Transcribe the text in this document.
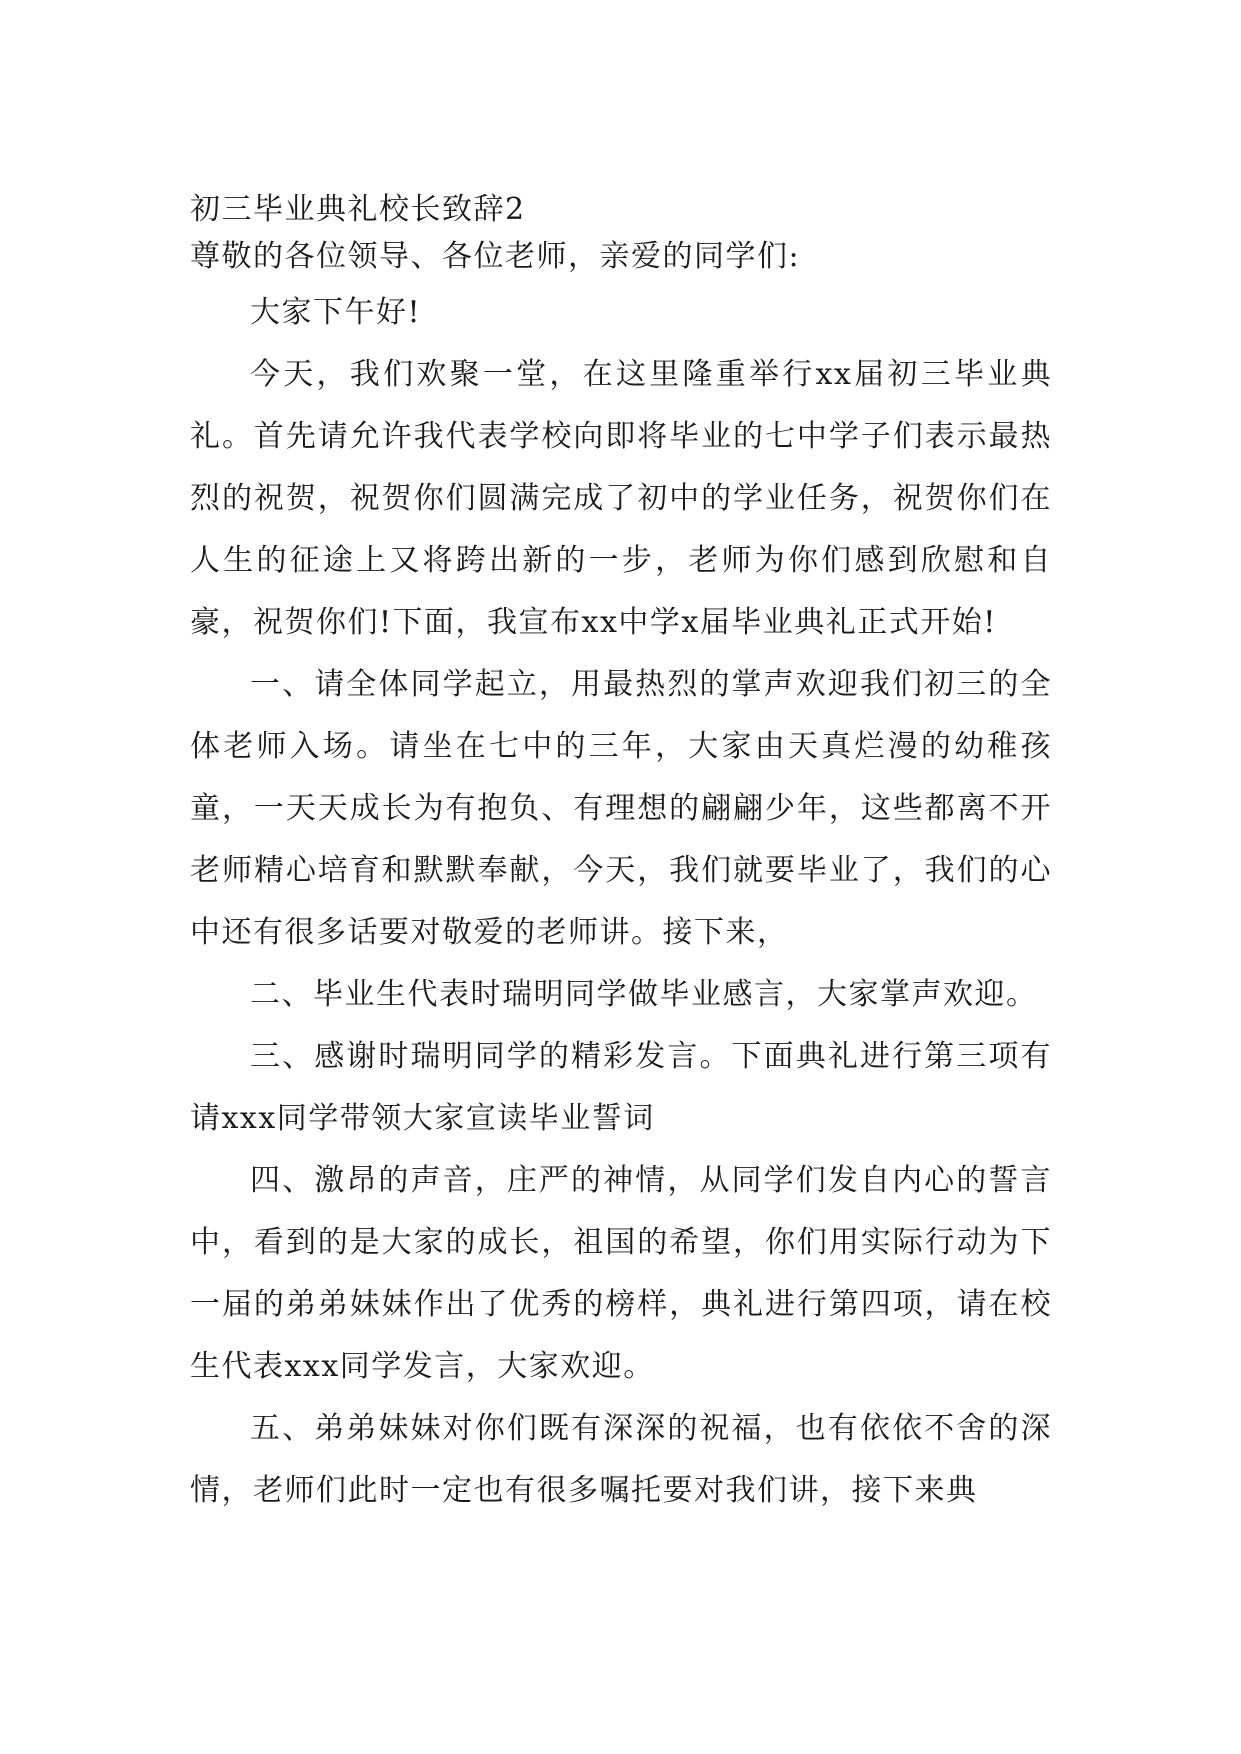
初三毕业典礼校长致辞2

尊敬的各位领导、各位老师，亲爱的同学们:

大家下午好!

今天，我们欢聚一堂，在这里隆重举行xx届初三毕业典礼。首先请允许我代表学校向即将毕业的七中学子们表示最热烈的祝贺，祝贺你们圆满完成了初中的学业任务，祝贺你们在人生的征途上又将跨出新的一步，老师为你们感到欣慰和自豪，祝贺你们!下面，我宣布xx中学x届毕业典礼正式开始!

一、请全体同学起立，用最热烈的掌声欢迎我们初三的全体老师入场。请坐在七中的三年，大家由天真烂漫的幼稚孩童，一天天成长为有抱负、有理想的翩翩少年，这些都离不开老师精心培育和默默奉献，今天，我们就要毕业了，我们的心中还有很多话要对敬爱的老师讲。接下来，

二、毕业生代表时瑞明同学做毕业感言，大家掌声欢迎。

三、感谢时瑞明同学的精彩发言。下面典礼进行第三项有请xxx同学带领大家宣读毕业誓词

四、激昂的声音，庄严的神情，从同学们发自内心的誓言中，看到的是大家的成长，祖国的希望，你们用实际行动为下一届的弟弟妹妹作出了优秀的榜样，典礼进行第四项，请在校生代表xxx同学发言，大家欢迎。

五、弟弟妹妹对你们既有深深的祝福，也有依依不舍的深情，老师们此时一定也有很多嘱托要对我们讲，接下来典
